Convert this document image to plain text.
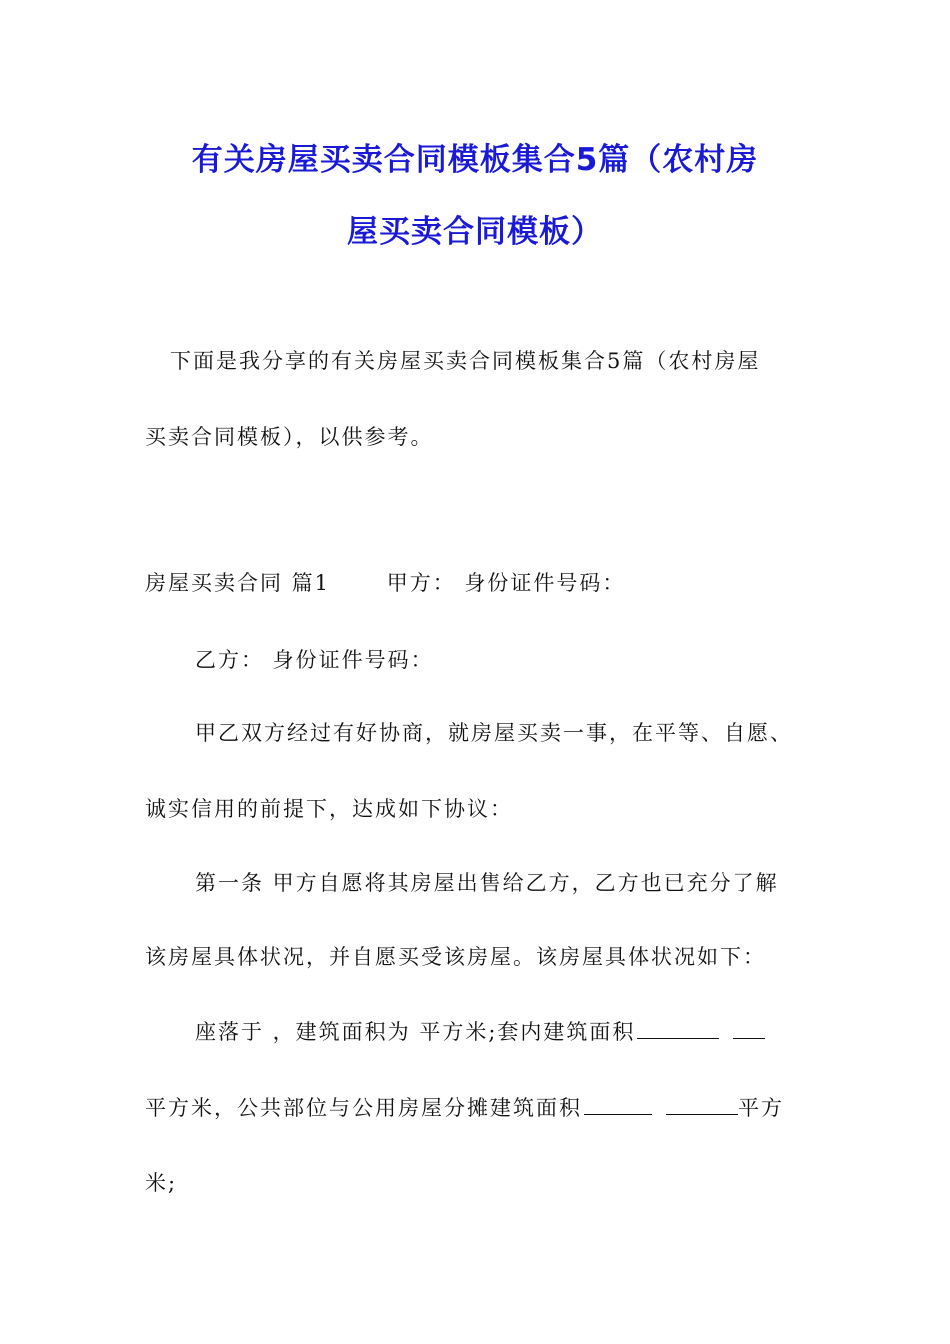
有关房屋买卖合同模板集合5篇（农村房
屋买卖合同模板）
下面是我分享的有关房屋买卖合同模板集合5篇（农村房屋
买卖合同模板），以供参考。
房屋买卖合同 篇1	甲方： 身份证件号码：
乙方： 身份证件号码：
甲乙双方经过有好协商，就房屋买卖一事，在平等、自愿、
诚实信用的前提下，达成如下协议：
第一条 甲方自愿将其房屋出售给乙方，乙方也已充分了解
该房屋具体状况，并自愿买受该房屋。该房屋具体状况如下：
座落于 ，建筑面积为 平方米;套内建筑面积
平方米，公共部位与公用房屋分摊建筑面积	平方
米;
